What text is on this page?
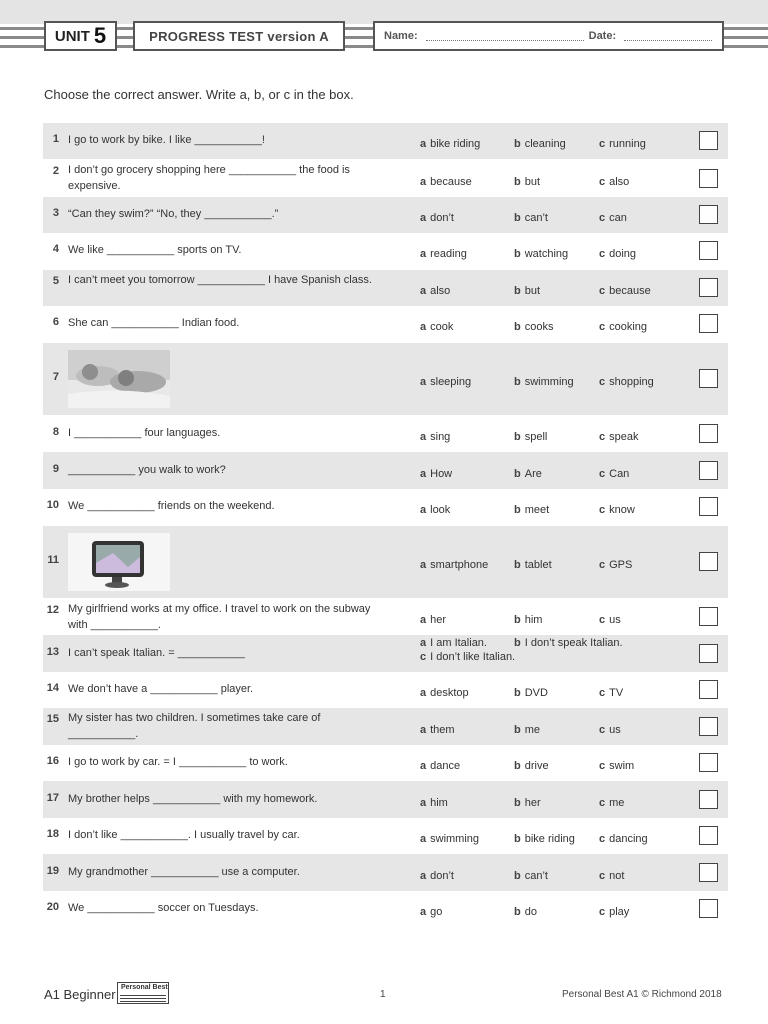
UNIT 5	PROGRESS TEST version A	Name:	Date:
Choose the correct answer. Write a, b, or c in the box.
1 I go to work by bike. I like ___________!	a bike riding	b cleaning	c running
2 I don’t go grocery shopping here ___________ the food is expensive.	a because	b but	c also
3 “Can they swim?” “No, they ___________.”	a don’t	b can’t	c can
4 We like ___________ sports on TV.	a reading	b watching	c doing
5 I can’t meet you tomorrow ___________ I have Spanish class.
a also	b but	c because
6 She can ___________ Indian food.	a cook	b cooks	c cooking
7	a sleeping	b swimming c shopping
8 I ___________ four languages.	a sing	b spell	c speak
9 ___________ you walk to work?	a How	b Are	c Can
10 We ___________ friends on the weekend.	a look	b meet	c know
11	a smartphone b tablet	c GPS
12 My girlfriend works at my office. I travel to work on the subway with ___________.	a her	b him	c us
13 I can’t speak Italian. = ___________
a I am Italian. b I don’t speak Italian.
c I don’t like Italian.
14 We don’t have a ___________ player.	a desktop	b DVD	c TV
15 My sister has two children. I sometimes take care of ___________.	a them	b me	c us
16 I go to work by car. = I ___________ to work.	a dance	b drive	c swim
17 My brother helps ___________ with my homework.	a him	b her	c me
18 I don’t like ___________. I usually travel by car.	a swimming	b bike riding c dancing
19 My grandmother ___________ use a computer.	a don’t	b can’t	c not
20 We ___________ soccer on Tuesdays.	a go	b do	c play
A1 Beginner Personal Best
1	Personal Best A1 © Richmond 2018
